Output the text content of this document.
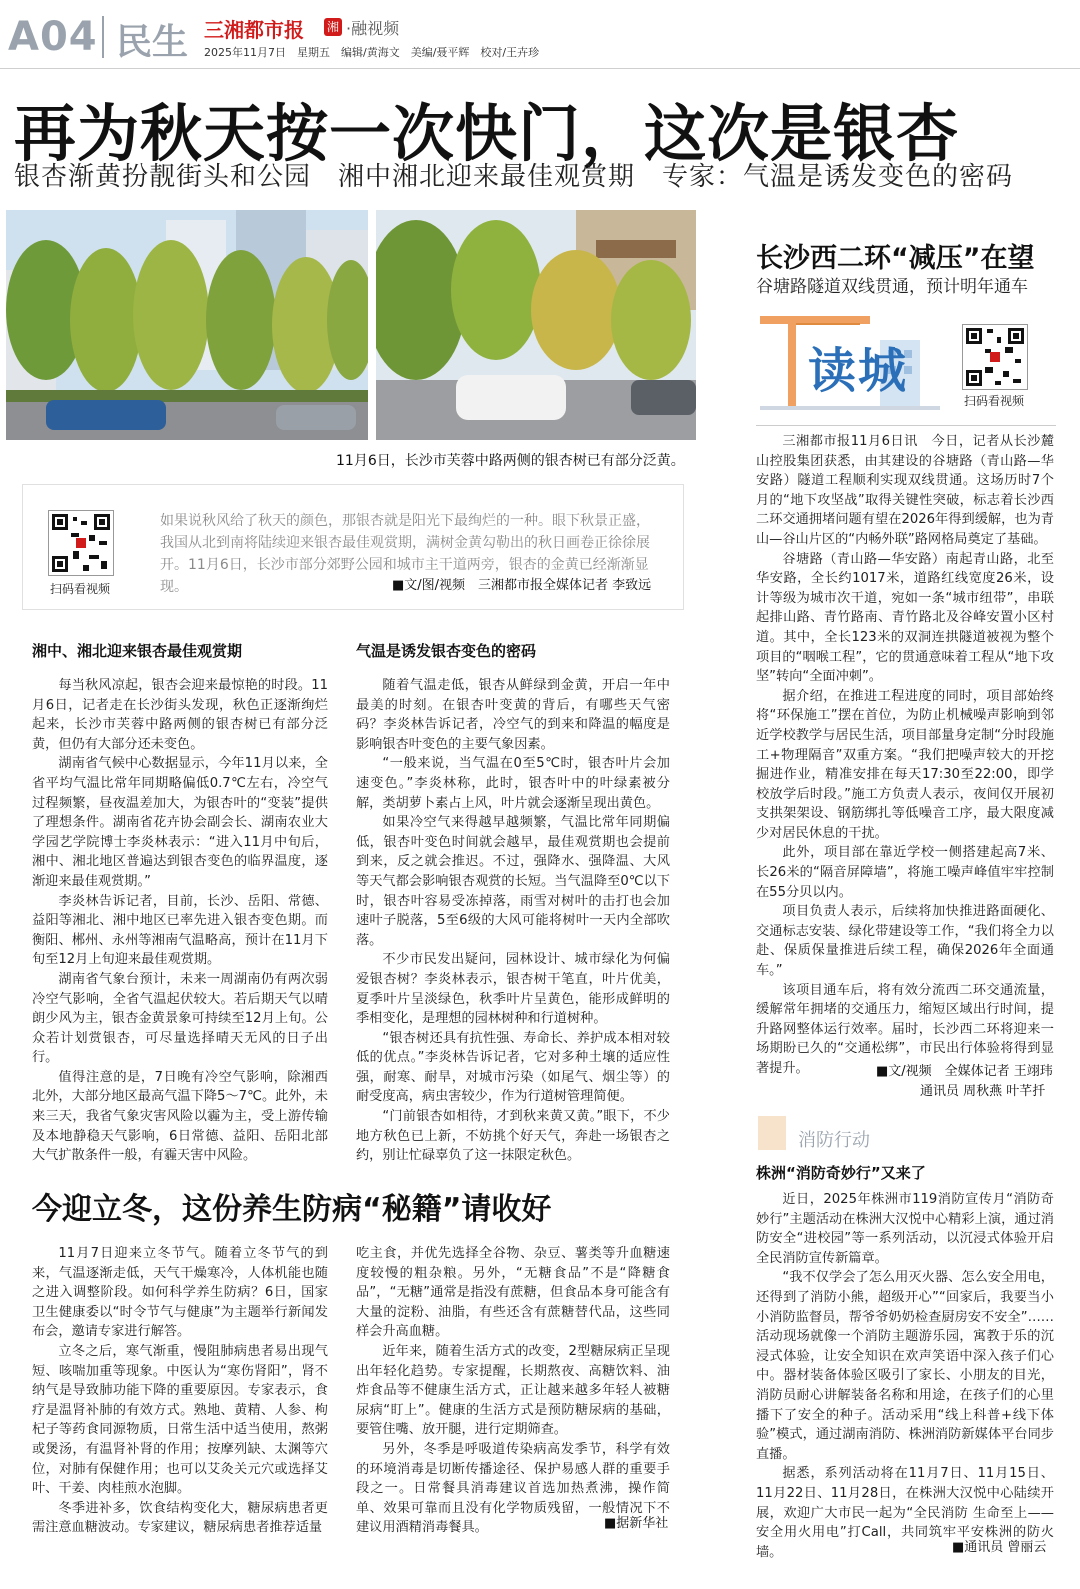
A04 民生 三湘都市报 湘 ·融视频
2025年11月7日　星期五　编辑/黄海文　美编/聂平辉　校对/王卉珍
再为秋天按一次快门，这次是银杏
银杏渐黄扮靓街头和公园　湘中湘北迎来最佳观赏期　专家：气温是诱发变色的密码
11月6日，长沙市芙蓉中路两侧的银杏树已有部分泛黄。
扫码看视频
如果说秋风给了秋天的颜色，那银杏就是阳光下最绚烂的一种。眼下秋景正盛，我国从北到南将陆续迎来银杏最佳观赏期，满树金黄勾勒出的秋日画卷正徐徐展开。11月6日，长沙市部分郊野公园和城市主干道两旁，银杏的金黄已经渐渐显现。	■文/图/视频　三湘都市报全媒体记者 李致远
湘中、湘北迎来银杏最佳观赏期

每当秋风凉起，银杏会迎来最惊艳的时段。11月6日，记者走在长沙街头发现，秋色正逐渐绚烂起来，长沙市芙蓉中路两侧的银杏树已有部分泛黄，但仍有大部分还未变色。

湖南省气候中心数据显示，今年11月以来，全省平均气温比常年同期略偏低0.7℃左右，冷空气过程频繁，昼夜温差加大，为银杏叶的“变装”提供了理想条件。湖南省花卉协会副会长、湖南农业大学园艺学院博士李炎林表示：“进入11月中旬后，湘中、湘北地区普遍达到银杏变色的临界温度，逐渐迎来最佳观赏期。”

李炎林告诉记者，目前，长沙、岳阳、常德、益阳等湘北、湘中地区已率先进入银杏变色期。而衡阳、郴州、永州等湘南气温略高，预计在11月下旬至12月上旬迎来最佳观赏期。

湖南省气象台预计，未来一周湖南仍有两次弱冷空气影响，全省气温起伏较大。若后期天气以晴朗少风为主，银杏金黄景象可持续至12月上旬。公众若计划赏银杏，可尽量选择晴天无风的日子出行。

值得注意的是，7日晚有冷空气影响，除湘西北外，大部分地区最高气温下降5～7℃。此外，未来三天，我省气象灾害风险以霾为主，受上游传输及本地静稳天气影响，6日常德、益阳、岳阳北部大气扩散条件一般，有霾天害中风险。

气温是诱发银杏变色的密码

随着气温走低，银杏从鲜绿到金黄，开启一年中最美的时刻。在银杏叶变黄的背后，有哪些天气密码？李炎林告诉记者，冷空气的到来和降温的幅度是影响银杏叶变色的主要气象因素。

“一般来说，当气温在0至5℃时，银杏叶片会加速变色。”李炎林称，此时，银杏叶中的叶绿素被分解，类胡萝卜素占上风，叶片就会逐渐呈现出黄色。

如果冷空气来得越早越频繁，气温比常年同期偏低，银杏叶变色时间就会越早，最佳观赏期也会提前到来，反之就会推迟。不过，强降水、强降温、大风等天气都会影响银杏观赏的长短。当气温降至0℃以下时，银杏叶容易受冻掉落，雨雪对树叶的击打也会加速叶子脱落，5至6级的大风可能将树叶一天内全部吹落。

不少市民发出疑问，园林设计、城市绿化为何偏爱银杏树？李炎林表示，银杏树干笔直，叶片优美，夏季叶片呈淡绿色，秋季叶片呈黄色，能形成鲜明的季相变化，是理想的园林树种和行道树种。

“银杏树还具有抗性强、寿命长、养护成本相对较低的优点。”李炎林告诉记者，它对多种土壤的适应性强，耐寒、耐旱，对城市污染（如尾气、烟尘等）的耐受度高，病虫害较少，作为行道树管理简便。

“门前银杏如相待，才到秋来黄又黄。”眼下，不少地方秋色已上新，不妨挑个好天气，奔赴一场银杏之约，别让忙碌辜负了这一抹限定秋色。

今迎立冬，这份养生防病“秘籍”请收好

11月7日迎来立冬节气。随着立冬节气的到来，气温逐渐走低，天气干燥寒冷，人体机能也随之进入调整阶段。如何科学养生防病？6日，国家卫生健康委以“时令节气与健康”为主题举行新闻发布会，邀请专家进行解答。

立冬之后，寒气渐重，慢阻肺病患者易出现气短、咳喘加重等现象。中医认为“寒伤肾阳”，肾不纳气是导致肺功能下降的重要原因。专家表示，食疗是温肾补肺的有效方式。熟地、黄精、人参、枸杞子等药食同源物质，日常生活中适当使用，熬粥或煲汤，有温肾补肾的作用；按摩列缺、太渊等穴位，对肺有保健作用；也可以艾灸关元穴或选择艾叶、干姜、肉桂煎水泡脚。

冬季进补多，饮食结构变化大，糖尿病患者更需注意血糖波动。专家建议，糖尿病患者推荐适量

吃主食，并优先选择全谷物、杂豆、薯类等升血糖速度较慢的粗杂粮。另外，“无糖食品”不是“降糖食品”，“无糖”通常是指没有蔗糖，但食品本身可能含有大量的淀粉、油脂，有些还含有蔗糖替代品，这些同样会升高血糖。

近年来，随着生活方式的改变，2型糖尿病正呈现出年轻化趋势。专家提醒，长期熬夜、高糖饮料、油炸食品等不健康生活方式，正让越来越多年轻人被糖尿病“盯上”。健康的生活方式是预防糖尿病的基础，要管住嘴、放开腿，进行定期筛查。

另外，冬季是呼吸道传染病高发季节，科学有效的环境消毒是切断传播途径、保护易感人群的重要手段之一。日常餐具消毒建议首选加热煮沸，操作简单、效果可靠而且没有化学物质残留，一般情况下不建议用酒精消毒餐具。	■据新华社
长沙西二环“减压”在望
谷塘路隧道双线贯通，预计明年通车
读城
扫码看视频

三湘都市报11月6日讯　今日，记者从长沙麓山控股集团获悉，由其建设的谷塘路（青山路—华安路）隧道工程顺利实现双线贯通。这场历时7个月的“地下攻坚战”取得关键性突破，标志着长沙西二环交通拥堵问题有望在2026年得到缓解，也为青山—谷山片区的“内畅外联”路网格局奠定了基础。

谷塘路（青山路—华安路）南起青山路，北至华安路，全长约1017米，道路红线宽度26米，设计等级为城市次干道，宛如一条“城市纽带”，串联起排山路、青竹路南、青竹路北及谷峰安置小区村道。其中，全长123米的双洞连拱隧道被视为整个项目的“咽喉工程”，它的贯通意味着工程从“地下攻坚”转向“全面冲刺”。

据介绍，在推进工程进度的同时，项目部始终将“环保施工”摆在首位，为防止机械噪声影响到邻近学校教学与居民生活，项目部量身定制“分时段施工+物理隔音”双重方案。“我们把噪声较大的开挖掘进作业，精准安排在每天17:30至22:00，即学校放学后时段。”施工方负责人表示，夜间仅开展初支拱架架设、钢筋绑扎等低噪音工序，最大限度减少对居民休息的干扰。

此外，项目部在靠近学校一侧搭建起高7米、长26米的“隔音屏障墙”，将施工噪声峰值牢牢控制在55分贝以内。

项目负责人表示，后续将加快推进路面硬化、交通标志安装、绿化带建设等工作，“我们将全力以赴、保质保量推进后续工程，确保2026年全面通车。”

该项目通车后，将有效分流西二环交通流量，缓解常年拥堵的交通压力，缩短区域出行时间，提升路网整体运行效率。届时，长沙西二环将迎来一场期盼已久的“交通松绑”，市民出行体验将得到显著提升。	■文/视频　全媒体记者 王翊玮
通讯员 周秋燕 叶芊扦
消防行动
株洲“消防奇妙行”又来了

近日，2025年株洲市119消防宣传月“消防奇妙行”主题活动在株洲大汉悦中心精彩上演，通过消防安全“进校园”等一系列活动，以沉浸式体验开启全民消防宣传新篇章。

“我不仅学会了怎么用灭火器、怎么安全用电，还得到了消防小熊，超级开心”“回家后，我要当小小消防监督员，帮爷爷奶奶检查厨房安不安全”……活动现场就像一个消防主题游乐园，寓教于乐的沉浸式体验，让安全知识在欢声笑语中深入孩子们心中。器材装备体验区吸引了家长、小朋友的目光，消防员耐心讲解装备名称和用途，在孩子们的心里播下了安全的种子。活动采用“线上科普+线下体验”模式，通过湖南消防、株洲消防新媒体平台同步直播。

据悉，系列活动将在11月7日、11月15日、11月22日、11月28日，在株洲大汉悦中心陆续开展，欢迎广大市民一起为“全民消防 生命至上——安全用火用电”打Call，共同筑牢平安株洲的防火墙。	■通讯员 曾丽云
